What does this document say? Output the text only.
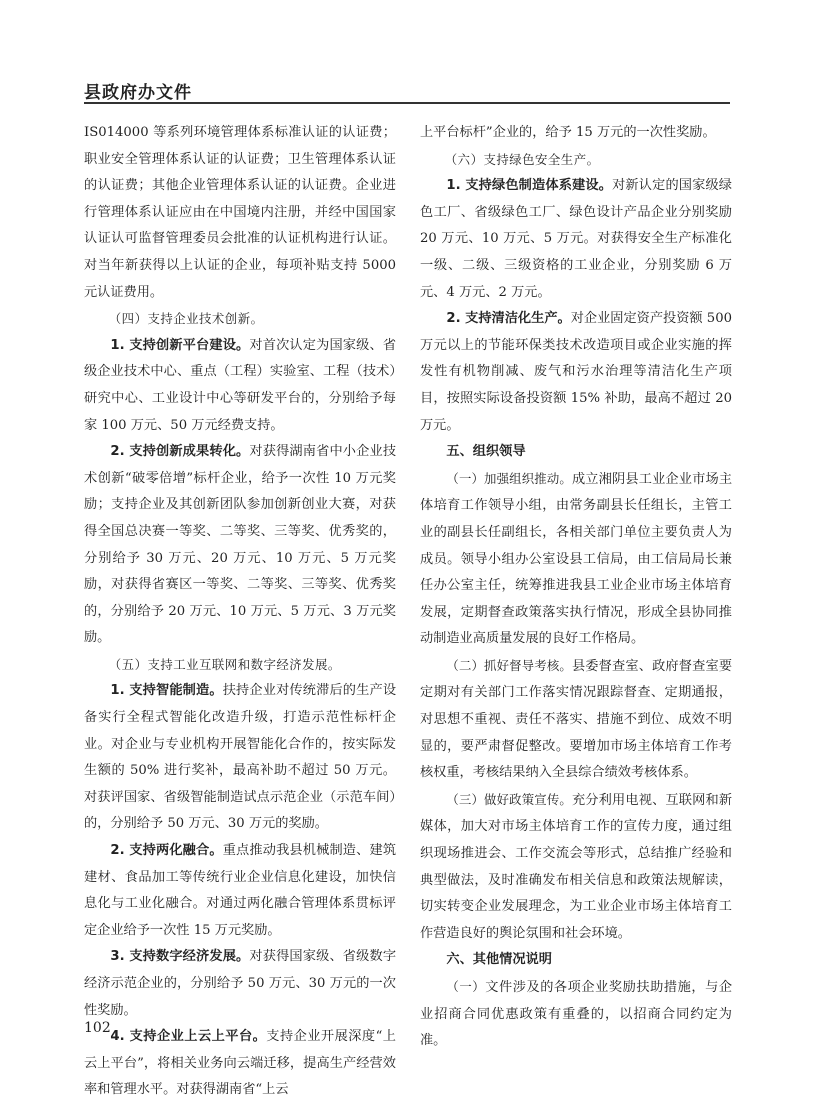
县政府办文件

IS014000 等系列环境管理体系标准认证的认证费；职业安全管理体系认证的认证费；卫生管理体系认证的认证费；其他企业管理体系认证的认证费。企业进行管理体系认证应由在中国境内注册，并经中国国家认证认可监督管理委员会批准的认证机构进行认证。对当年新获得以上认证的企业，每项补贴支持 5000 元认证费用。

（四）支持企业技术创新。

1. 支持创新平台建设。对首次认定为国家级、省级企业技术中心、重点（工程）实验室、工程（技术）研究中心、工业设计中心等研发平台的，分别给予每家 100 万元、50 万元经费支持。

2. 支持创新成果转化。对获得湖南省中小企业技术创新“破零倍增”标杆企业，给予一次性 10 万元奖励；支持企业及其创新团队参加创新创业大赛，对获得全国总决赛一等奖、二等奖、三等奖、优秀奖的，分别给予 30 万元、20 万元、10 万元、5 万元奖励，对获得省赛区一等奖、二等奖、三等奖、优秀奖的，分别给予 20 万元、10 万元、5 万元、3 万元奖励。

（五）支持工业互联网和数字经济发展。

1. 支持智能制造。扶持企业对传统滞后的生产设备实行全程式智能化改造升级，打造示范性标杆企业。对企业与专业机构开展智能化合作的，按实际发生额的 50% 进行奖补，最高补助不超过 50 万元。对获评国家、省级智能制造试点示范企业（示范车间）的，分别给予 50 万元、30 万元的奖励。

2. 支持两化融合。重点推动我县机械制造、建筑建材、食品加工等传统行业企业信息化建设，加快信息化与工业化融合。对通过两化融合管理体系贯标评定企业给予一次性 15 万元奖励。

3. 支持数字经济发展。对获得国家级、省级数字经济示范企业的，分别给予 50 万元、30 万元的一次性奖励。

4. 支持企业上云上平台。支持企业开展深度“上云上平台”，将相关业务向云端迁移，提高生产经营效率和管理水平。对获得湖南省“上云

上平台标杆”企业的，给予 15 万元的一次性奖励。

（六）支持绿色安全生产。

1. 支持绿色制造体系建设。对新认定的国家级绿色工厂、省级绿色工厂、绿色设计产品企业分别奖励 20 万元、10 万元、5 万元。对获得安全生产标准化一级、二级、三级资格的工业企业，分别奖励 6 万元、4 万元、2 万元。

2. 支持清洁化生产。对企业固定资产投资额 500 万元以上的节能环保类技术改造项目或企业实施的挥发性有机物削减、废气和污水治理等清洁化生产项目，按照实际设备投资额 15% 补助，最高不超过 20 万元。

五、组织领导

（一）加强组织推动。成立湘阴县工业企业市场主体培育工作领导小组，由常务副县长任组长，主管工业的副县长任副组长，各相关部门单位主要负责人为成员。领导小组办公室设县工信局，由工信局局长兼任办公室主任，统筹推进我县工业企业市场主体培育发展，定期督查政策落实执行情况，形成全县协同推动制造业高质量发展的良好工作格局。

（二）抓好督导考核。县委督查室、政府督查室要定期对有关部门工作落实情况跟踪督查、定期通报，对思想不重视、责任不落实、措施不到位、成效不明显的，要严肃督促整改。要增加市场主体培育工作考核权重，考核结果纳入全县综合绩效考核体系。

（三）做好政策宣传。充分利用电视、互联网和新媒体，加大对市场主体培育工作的宣传力度，通过组织现场推进会、工作交流会等形式，总结推广经验和典型做法，及时准确发布相关信息和政策法规解读，切实转变企业发展理念，为工业企业市场主体培育工作营造良好的舆论氛围和社会环境。

六、其他情况说明

（一）文件涉及的各项企业奖励扶助措施，与企业招商合同优惠政策有重叠的，以招商合同约定为准。

102
